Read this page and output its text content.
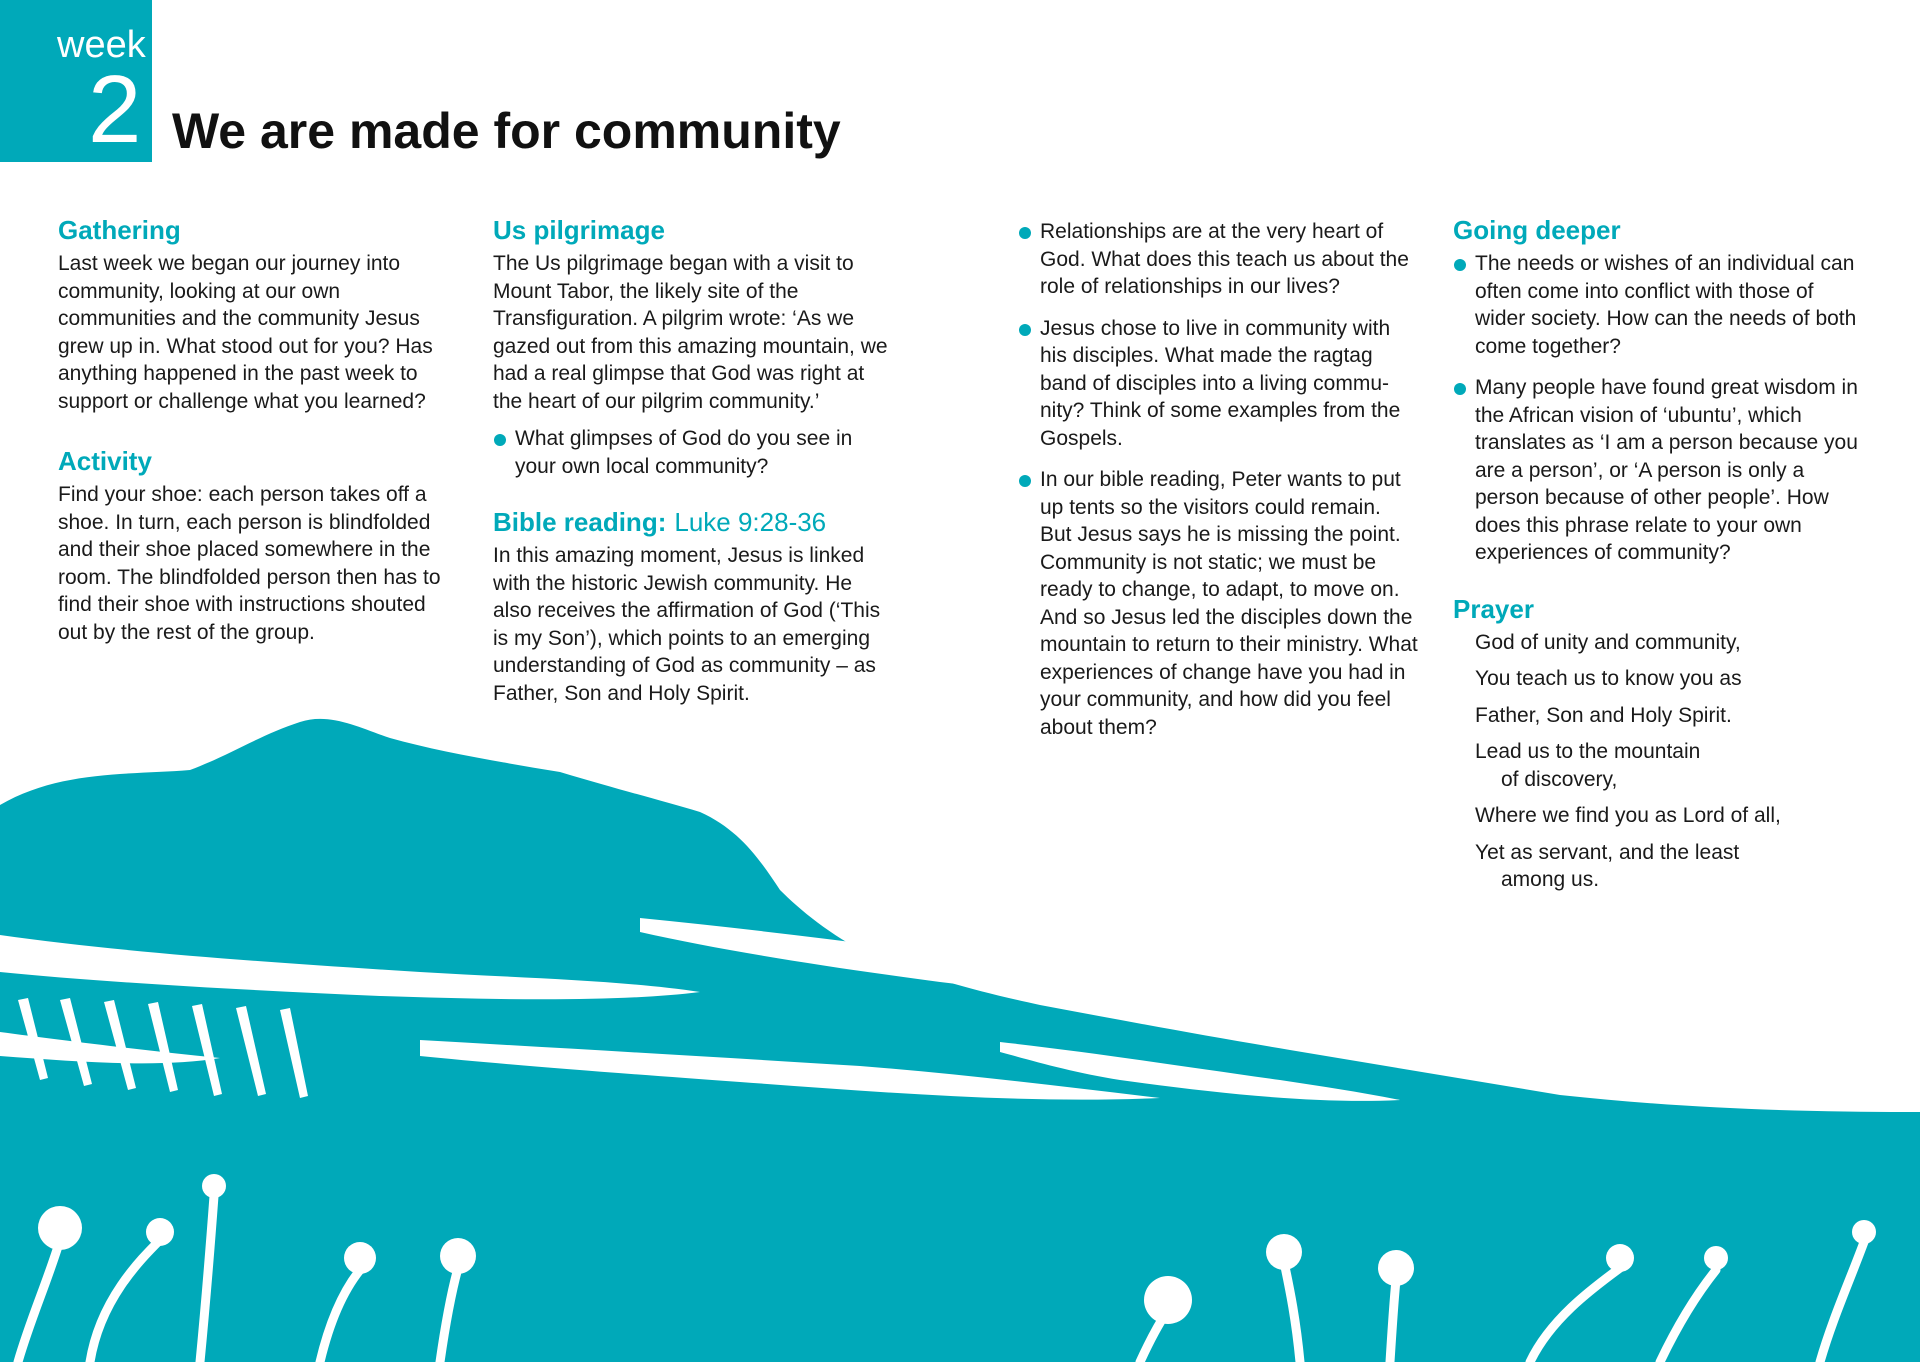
week
2 We are made for community
Gathering

Last week we began our journey into community, looking at our own communities and the community Jesus grew up in. What stood out for you? Has anything happened in the past week to support or challenge what you learned?

Activity

Find your shoe: each person takes off a shoe. In turn, each person is blindfolded and their shoe placed somewhere in the room. The blindfolded person then has to find their shoe with instructions shouted out by the rest of the group.

Us pilgrimage

The Us pilgrimage began with a visit to Mount Tabor, the likely site of the Transfiguration. A pilgrim wrote: ‘As we gazed out from this amazing mountain, we had a real glimpse that God was right at the heart of our pilgrim community.’

What glimpses of God do you see in your own local community?
Bible reading: Luke 9:28-36

In this amazing moment, Jesus is linked with the historic Jewish community. He also receives the affirmation of God (‘This is my Son’), which points to an emerging understanding of God as community – as Father, Son and Holy Spirit.

Relationships are at the very heart of God. What does this teach us about the role of relationships in our lives?
Jesus chose to live in community with his disciples. What made the ragtag band of disciples into a living commu-nity? Think of some examples from the Gospels.
In our bible reading, Peter wants to put up tents so the visitors could remain. But Jesus says he is missing the point. Community is not static; we must be ready to change, to adapt, to move on. And so Jesus led the disciples down the mountain to return to their ministry. What experiences of change have you had in your community, and how did you feel about them?
Going deeper
The needs or wishes of an individual can often come into conflict with those of wider society. How can the needs of both come together?
Many people have found great wisdom in the African vision of ‘ubuntu’, which translates as ‘I am a person because you are a person’, or ‘A person is only a person because of other people’. How does this phrase relate to your own experiences of community?
Prayer
God of unity and community,
You teach us to know you as
Father, Son and Holy Spirit.
Lead us to the mountain
of discovery,
Where we find you as Lord of all,
Yet as servant, and the least
among us.
